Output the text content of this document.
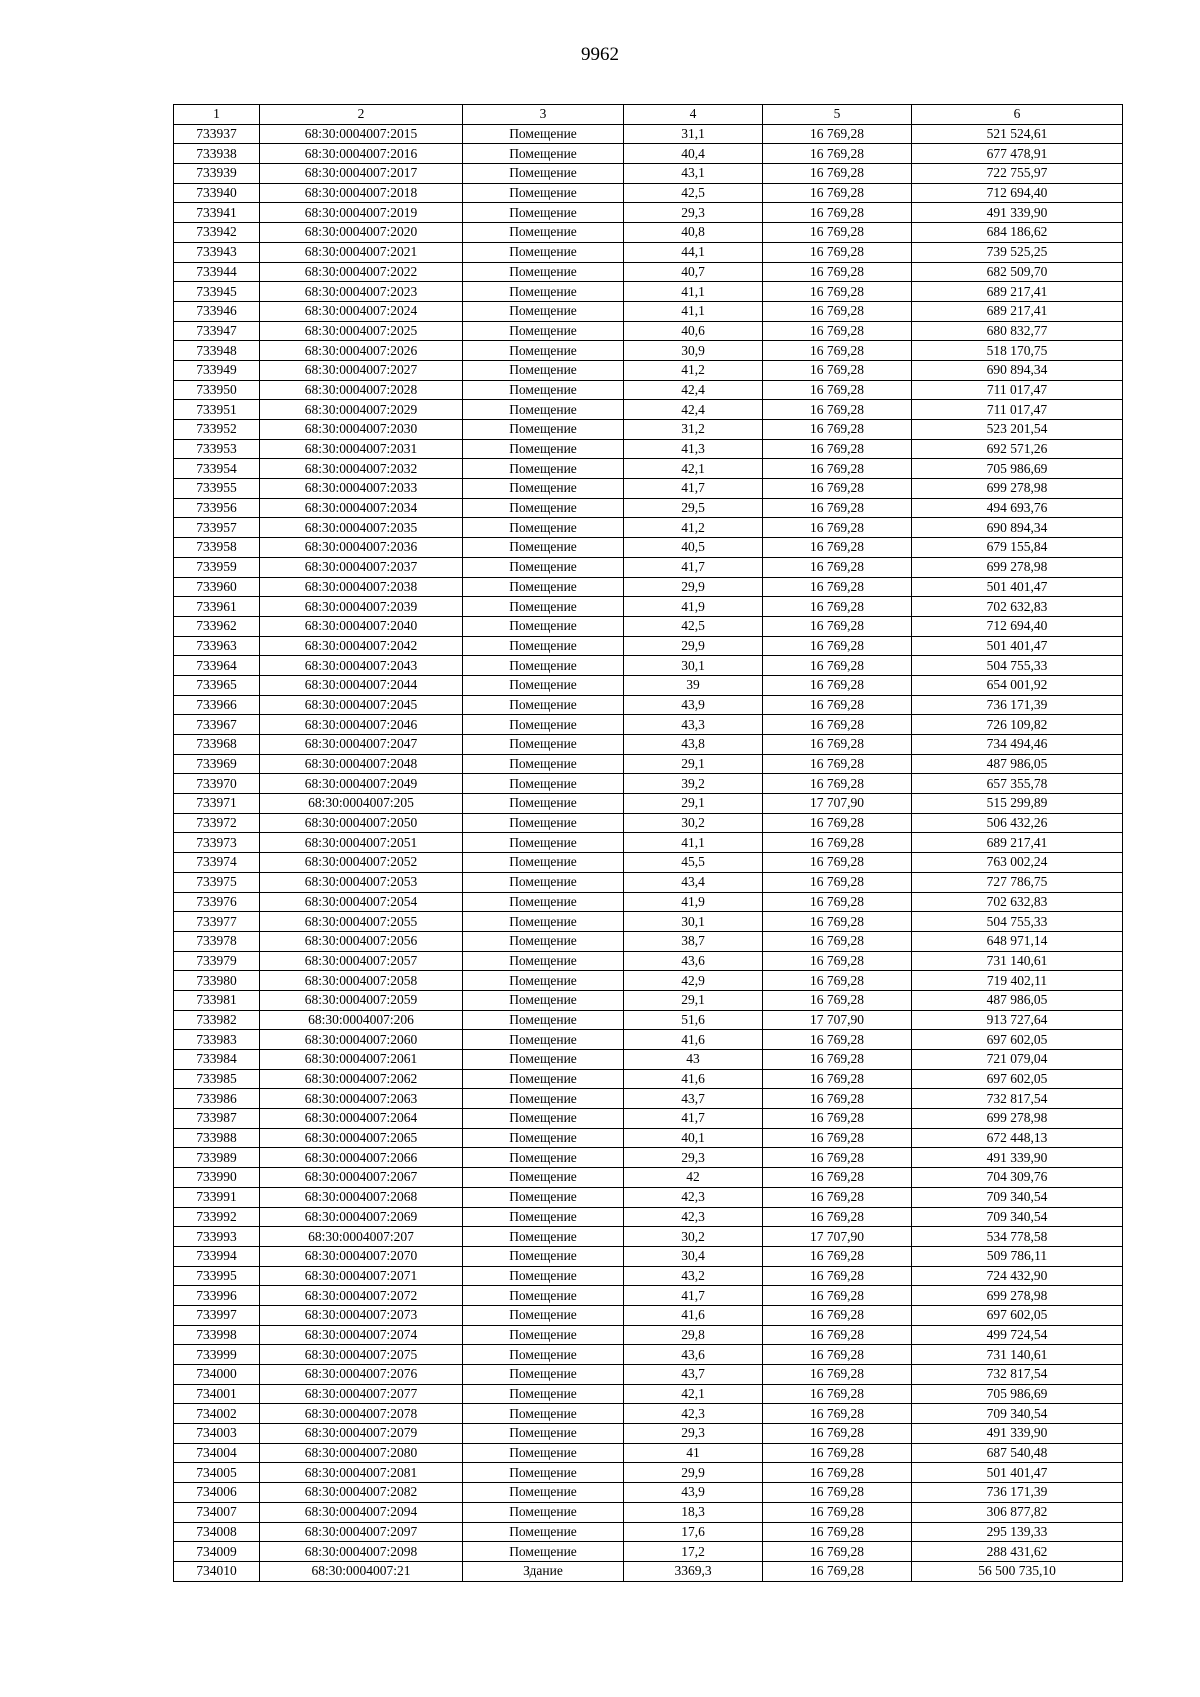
9962
1	2	3	4	5	6
733937	68:30:0004007:2015	Помещение	31,1	16 769,28	521 524,61
733938	68:30:0004007:2016	Помещение	40,4	16 769,28	677 478,91
733939	68:30:0004007:2017	Помещение	43,1	16 769,28	722 755,97
733940	68:30:0004007:2018	Помещение	42,5	16 769,28	712 694,40
733941	68:30:0004007:2019	Помещение	29,3	16 769,28	491 339,90
733942	68:30:0004007:2020	Помещение	40,8	16 769,28	684 186,62
733943	68:30:0004007:2021	Помещение	44,1	16 769,28	739 525,25
733944	68:30:0004007:2022	Помещение	40,7	16 769,28	682 509,70
733945	68:30:0004007:2023	Помещение	41,1	16 769,28	689 217,41
733946	68:30:0004007:2024	Помещение	41,1	16 769,28	689 217,41
733947	68:30:0004007:2025	Помещение	40,6	16 769,28	680 832,77
733948	68:30:0004007:2026	Помещение	30,9	16 769,28	518 170,75
733949	68:30:0004007:2027	Помещение	41,2	16 769,28	690 894,34
733950	68:30:0004007:2028	Помещение	42,4	16 769,28	711 017,47
733951	68:30:0004007:2029	Помещение	42,4	16 769,28	711 017,47
733952	68:30:0004007:2030	Помещение	31,2	16 769,28	523 201,54
733953	68:30:0004007:2031	Помещение	41,3	16 769,28	692 571,26
733954	68:30:0004007:2032	Помещение	42,1	16 769,28	705 986,69
733955	68:30:0004007:2033	Помещение	41,7	16 769,28	699 278,98
733956	68:30:0004007:2034	Помещение	29,5	16 769,28	494 693,76
733957	68:30:0004007:2035	Помещение	41,2	16 769,28	690 894,34
733958	68:30:0004007:2036	Помещение	40,5	16 769,28	679 155,84
733959	68:30:0004007:2037	Помещение	41,7	16 769,28	699 278,98
733960	68:30:0004007:2038	Помещение	29,9	16 769,28	501 401,47
733961	68:30:0004007:2039	Помещение	41,9	16 769,28	702 632,83
733962	68:30:0004007:2040	Помещение	42,5	16 769,28	712 694,40
733963	68:30:0004007:2042	Помещение	29,9	16 769,28	501 401,47
733964	68:30:0004007:2043	Помещение	30,1	16 769,28	504 755,33
733965	68:30:0004007:2044	Помещение	39	16 769,28	654 001,92
733966	68:30:0004007:2045	Помещение	43,9	16 769,28	736 171,39
733967	68:30:0004007:2046	Помещение	43,3	16 769,28	726 109,82
733968	68:30:0004007:2047	Помещение	43,8	16 769,28	734 494,46
733969	68:30:0004007:2048	Помещение	29,1	16 769,28	487 986,05
733970	68:30:0004007:2049	Помещение	39,2	16 769,28	657 355,78
733971	68:30:0004007:205	Помещение	29,1	17 707,90	515 299,89
733972	68:30:0004007:2050	Помещение	30,2	16 769,28	506 432,26
733973	68:30:0004007:2051	Помещение	41,1	16 769,28	689 217,41
733974	68:30:0004007:2052	Помещение	45,5	16 769,28	763 002,24
733975	68:30:0004007:2053	Помещение	43,4	16 769,28	727 786,75
733976	68:30:0004007:2054	Помещение	41,9	16 769,28	702 632,83
733977	68:30:0004007:2055	Помещение	30,1	16 769,28	504 755,33
733978	68:30:0004007:2056	Помещение	38,7	16 769,28	648 971,14
733979	68:30:0004007:2057	Помещение	43,6	16 769,28	731 140,61
733980	68:30:0004007:2058	Помещение	42,9	16 769,28	719 402,11
733981	68:30:0004007:2059	Помещение	29,1	16 769,28	487 986,05
733982	68:30:0004007:206	Помещение	51,6	17 707,90	913 727,64
733983	68:30:0004007:2060	Помещение	41,6	16 769,28	697 602,05
733984	68:30:0004007:2061	Помещение	43	16 769,28	721 079,04
733985	68:30:0004007:2062	Помещение	41,6	16 769,28	697 602,05
733986	68:30:0004007:2063	Помещение	43,7	16 769,28	732 817,54
733987	68:30:0004007:2064	Помещение	41,7	16 769,28	699 278,98
733988	68:30:0004007:2065	Помещение	40,1	16 769,28	672 448,13
733989	68:30:0004007:2066	Помещение	29,3	16 769,28	491 339,90
733990	68:30:0004007:2067	Помещение	42	16 769,28	704 309,76
733991	68:30:0004007:2068	Помещение	42,3	16 769,28	709 340,54
733992	68:30:0004007:2069	Помещение	42,3	16 769,28	709 340,54
733993	68:30:0004007:207	Помещение	30,2	17 707,90	534 778,58
733994	68:30:0004007:2070	Помещение	30,4	16 769,28	509 786,11
733995	68:30:0004007:2071	Помещение	43,2	16 769,28	724 432,90
733996	68:30:0004007:2072	Помещение	41,7	16 769,28	699 278,98
733997	68:30:0004007:2073	Помещение	41,6	16 769,28	697 602,05
733998	68:30:0004007:2074	Помещение	29,8	16 769,28	499 724,54
733999	68:30:0004007:2075	Помещение	43,6	16 769,28	731 140,61
734000	68:30:0004007:2076	Помещение	43,7	16 769,28	732 817,54
734001	68:30:0004007:2077	Помещение	42,1	16 769,28	705 986,69
734002	68:30:0004007:2078	Помещение	42,3	16 769,28	709 340,54
734003	68:30:0004007:2079	Помещение	29,3	16 769,28	491 339,90
734004	68:30:0004007:2080	Помещение	41	16 769,28	687 540,48
734005	68:30:0004007:2081	Помещение	29,9	16 769,28	501 401,47
734006	68:30:0004007:2082	Помещение	43,9	16 769,28	736 171,39
734007	68:30:0004007:2094	Помещение	18,3	16 769,28	306 877,82
734008	68:30:0004007:2097	Помещение	17,6	16 769,28	295 139,33
734009	68:30:0004007:2098	Помещение	17,2	16 769,28	288 431,62
734010	68:30:0004007:21	Здание	3369,3	16 769,28	56 500 735,10
